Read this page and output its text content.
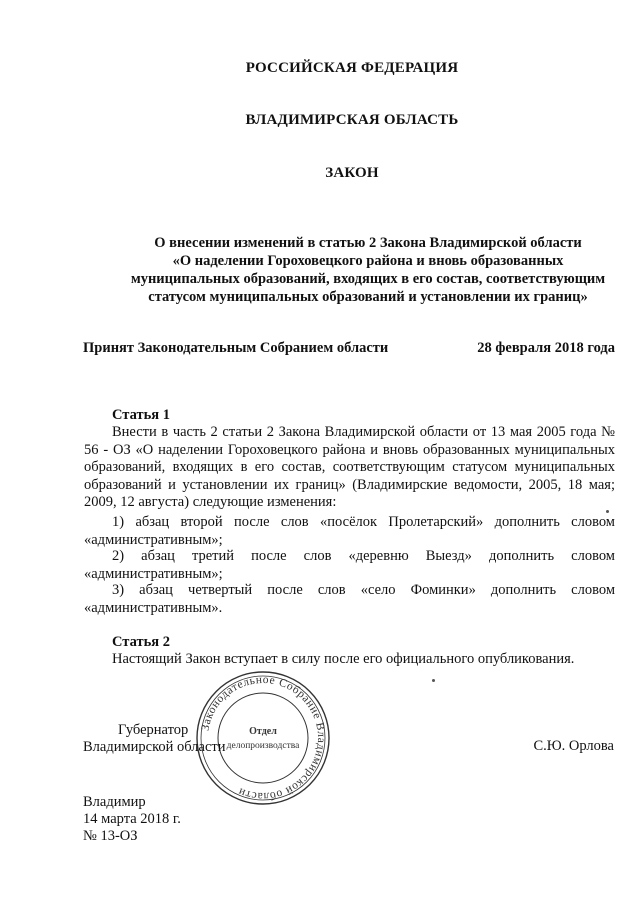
РОССИЙСКАЯ ФЕДЕРАЦИЯ
ВЛАДИМИРСКАЯ ОБЛАСТЬ
ЗАКОН
О внесении изменений в статью 2 Закона Владимирской области
«О наделении Гороховецкого района и вновь образованных
муниципальных образований, входящих в его состав, соответствующим
статусом муниципальных образований и установлении их границ»
Принят Законодательным Собранием области	28 февраля 2018 года
Статья 1
Внести в часть 2 статьи 2 Закона Владимирской области от 13 мая 2005 года № 56 - ОЗ «О наделении Гороховецкого района и вновь образованных муниципальных образований, входящих в его состав, соответствующим статусом муниципальных образований и установлении их границ» (Владимирские ведомости, 2005, 18 мая; 2009, 12 августа) следующие изменения:
1) абзац второй после слов «посёлок Пролетарский» дополнить словом «административным»;
2) абзац третий после слов «деревню Выезд» дополнить словом «административным»;
3) абзац четвертый после слов «село Фоминки» дополнить словом «административным».
Статья 2
Настоящий Закон вступает в силу после его официального опубликования.
Законодательное Собрание Владимирской области
Отдел
делопроизводства
Губернатор
Владимирской области	С.Ю. Орлова
Владимир
14 марта 2018 г.
№ 13-ОЗ
